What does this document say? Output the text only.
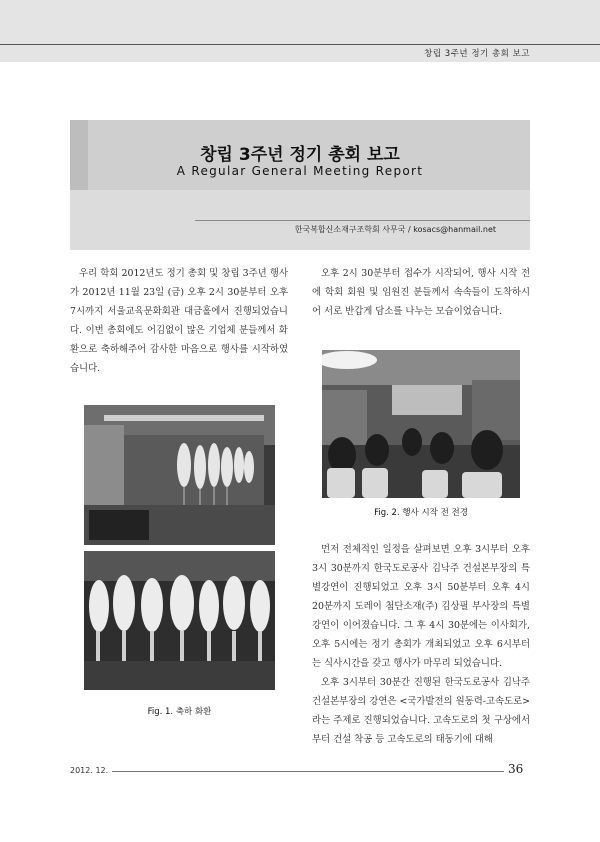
창립 3주년 정기 총회 보고
창립 3주년 정기 총회 보고
A Regular General Meeting Report
한국복합신소재구조학회 사무국 / kosacs@hanmail.net

우리 학회 2012년도 정기 총회 및 창립 3주년 행사가 2012년 11월 23일 (금) 오후 2시 30분부터 오후 7시까지 서울교육문화회관 대금홀에서 진행되었습니다. 이번 총회에도 어김없이 많은 기업체 분들께서 화환으로 축하해주어 감사한 마음으로 행사를 시작하였습니다.

오후 2시 30분부터 접수가 시작되어, 행사 시작 전에 학회 회원 및 임원진 분들께서 속속들이 도착하시어 서로 반갑게 담소를 나누는 모습이었습니다.

Fig. 1. 축하 화환
Fig. 2. 행사 시작 전 전경

먼저 전체적인 일정을 살펴보면 오후 3시부터 오후 3시 30분까지 한국도로공사 김낙주 건설본부장의 특별강연이 진행되었고 오후 3시 50분부터 오후 4시 20분까지 도레이 첨단소재(주) 김상필 부사장의 특별강연이 이어졌습니다. 그 후 4시 30분에는 이사회가, 오후 5시에는 정기 총회가 개최되었고 오후 6시부터는 식사시간을 갖고 행사가 마무리 되었습니다.

오후 3시부터 30분간 진행된 한국도로공사 김낙주 건설본부장의 강연은 <국가발전의 원동력-고속도로> 라는 주제로 진행되었습니다. 고속도로의 첫 구상에서부터 건설 착공 등 고속도로의 태동기에 대해

2012. 12.	36
